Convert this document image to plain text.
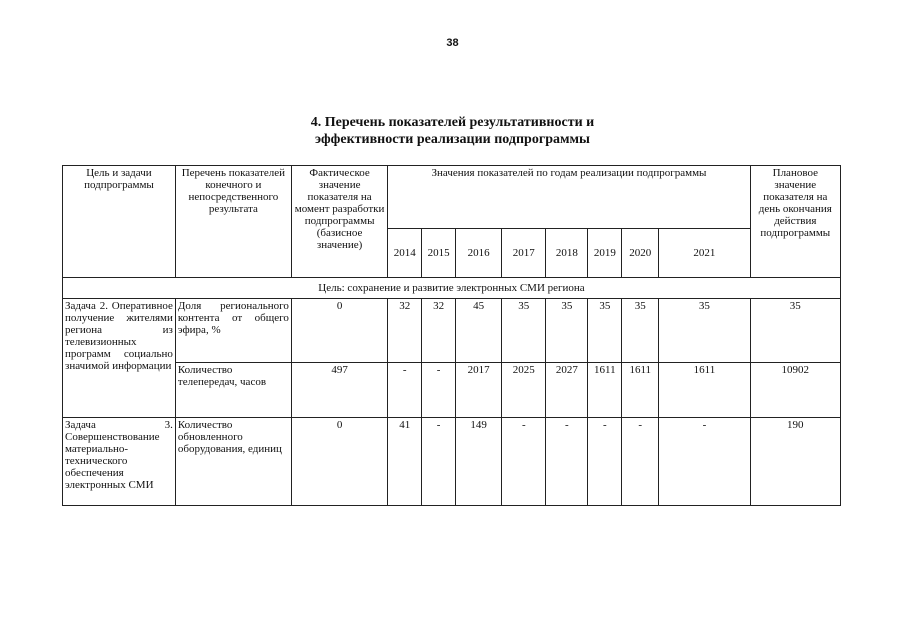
38
4. Перечень показателей результативности и
эффективности реализации подпрограммы
Цель и задачи подпрограммы	Перечень показателей конечного и непосредственного результата	Фактическое значение показателя на момент разработки подпрограммы (базисное значение)	Значения показателей по годам реализации подпрограммы								Плановое значение показателя на день окончания действия подпрограммы
			2014	2015	2016	2017	2018	2019	2020	2021	
Цель: сохранение и развитие электронных СМИ региона											
Задача 2. Оперативное получение жителями региона из телевизионных программ социально значимой информации	Доля регионального контента от общего эфира, %	0	32	32	45	35	35	35	35	35	35
	Количество телепередач, часов	497	-	-	2017	2025	2027	1611	1611	1611	10902
Задача 3. Совершенствование материально-технического обеспечения электронных СМИ	Количество обновленного оборудования, единиц	0	41	-	149	-	-	-	-	-	190
